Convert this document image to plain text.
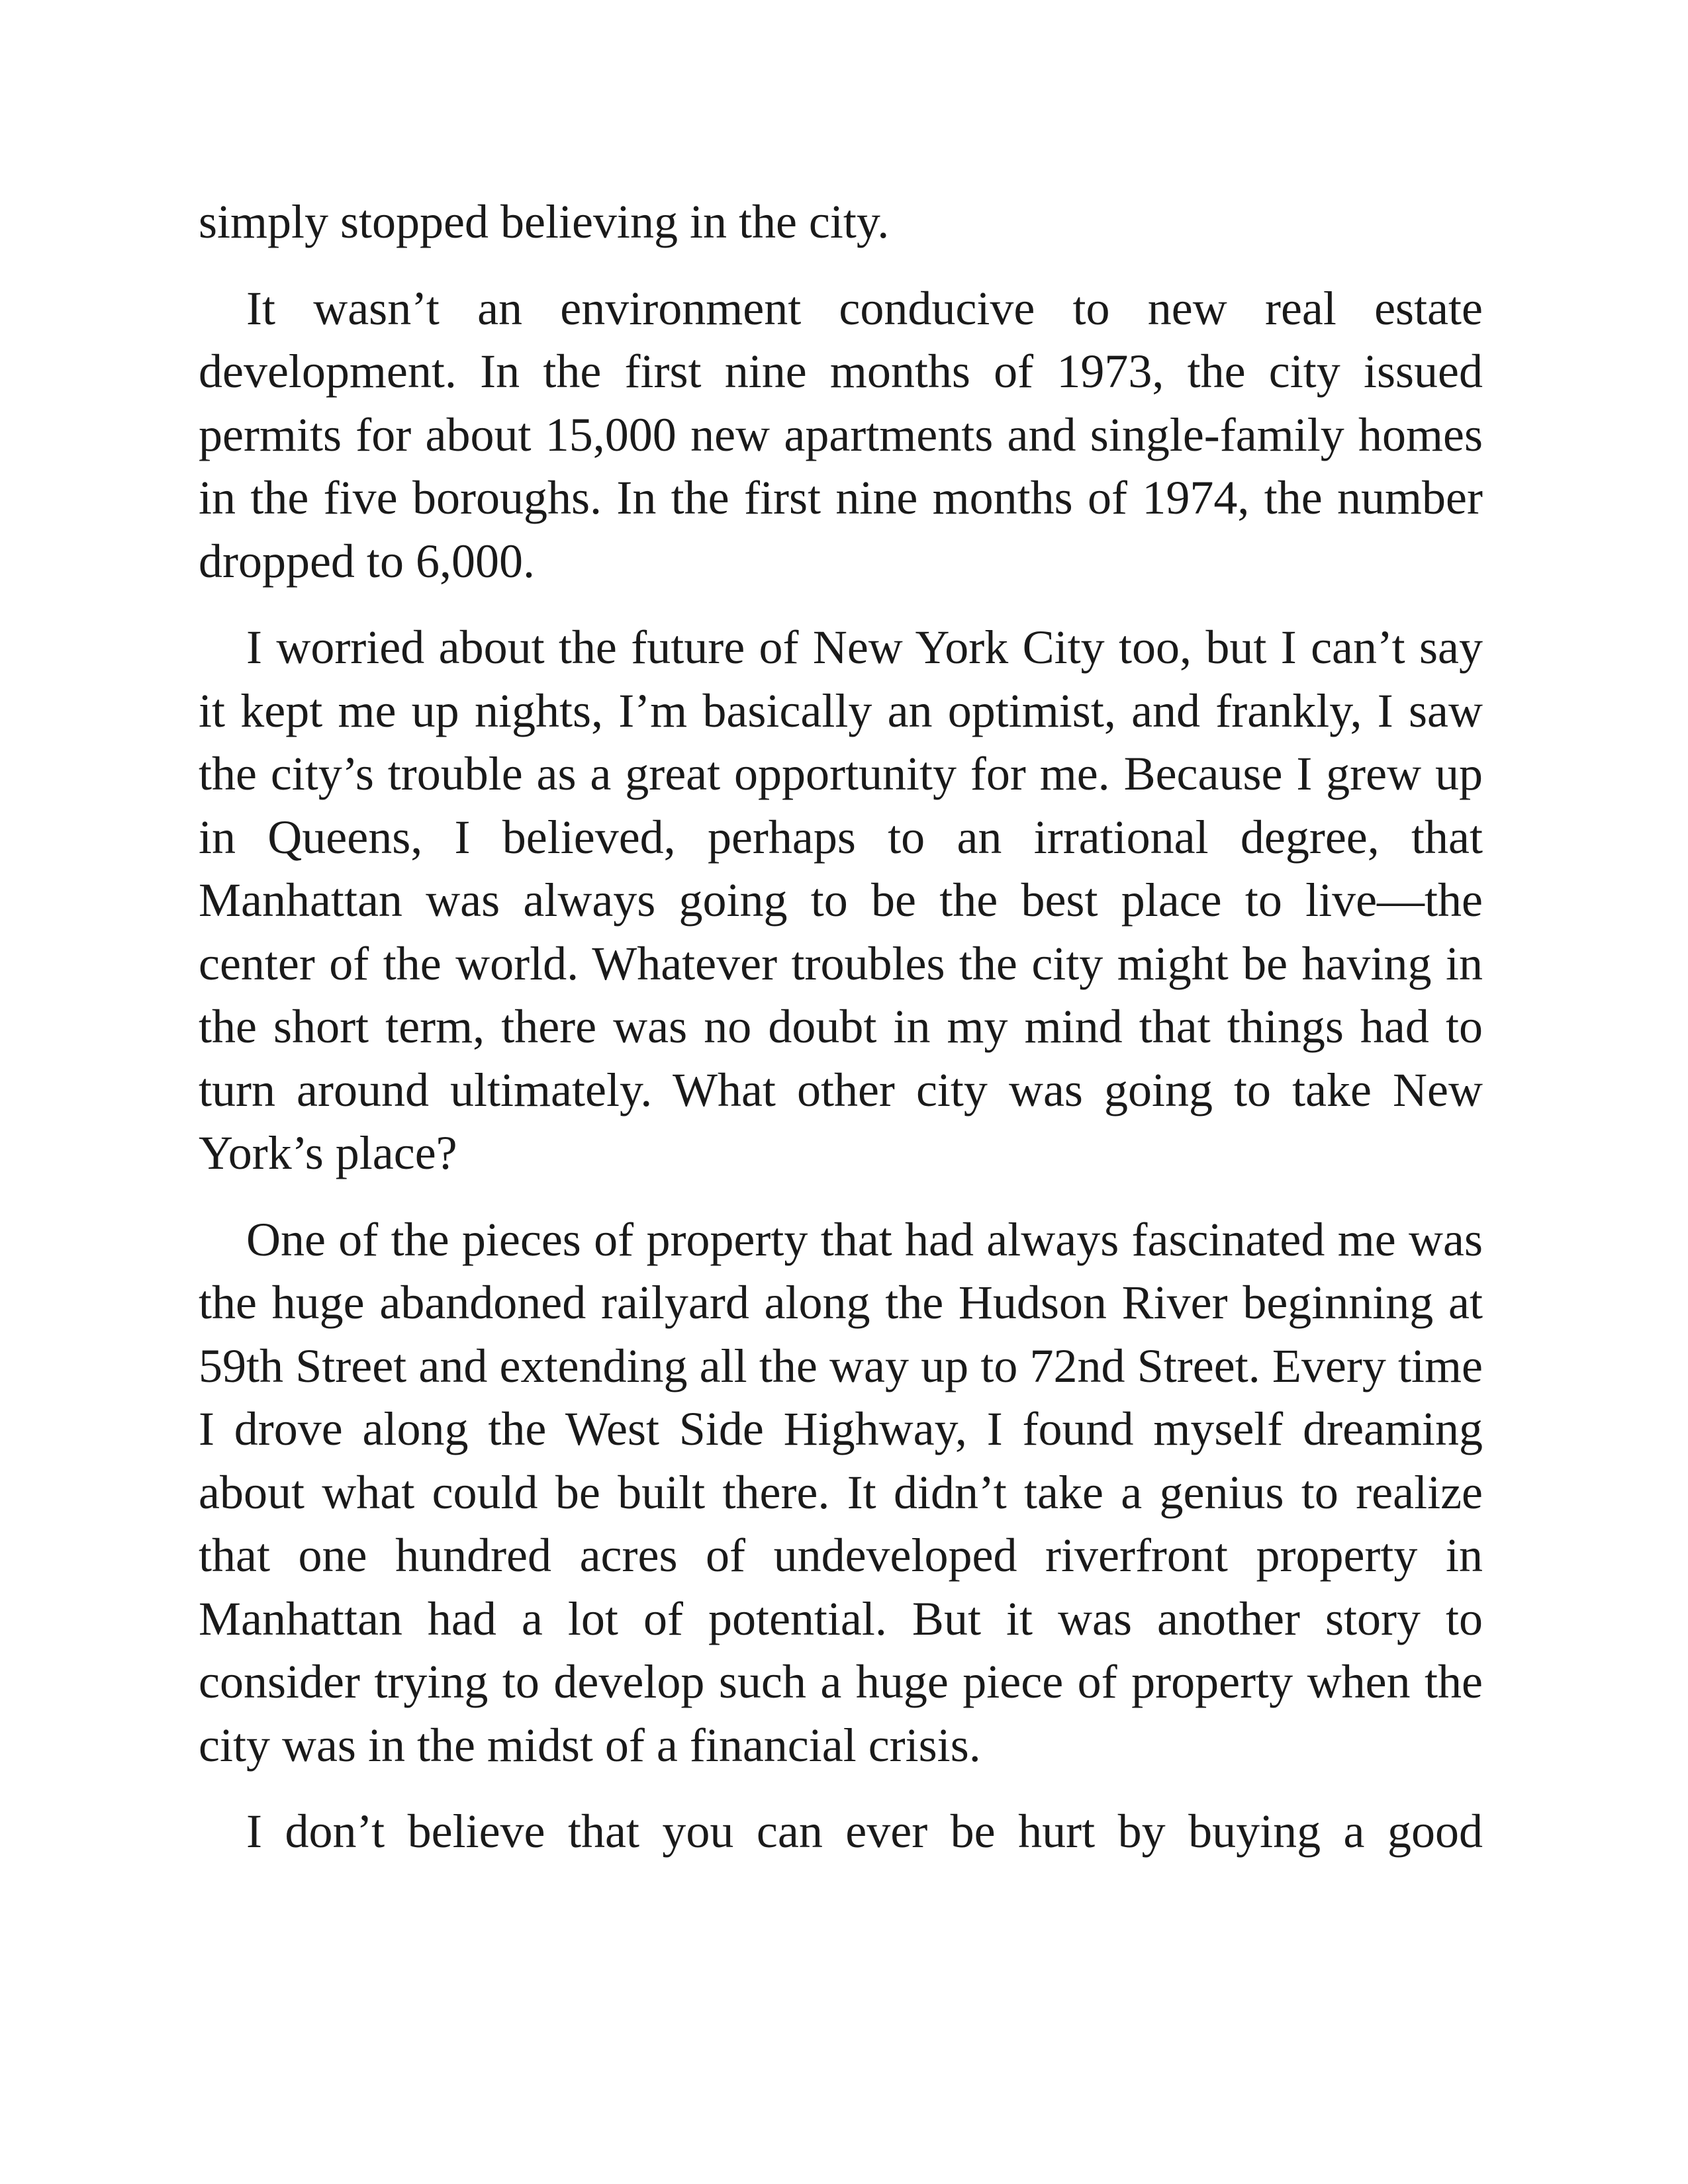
simply stopped believing in the city.

It wasn’t an environment conducive to new real estate development. In the first nine months of 1973, the city issued permits for about 15,000 new apartments and single-family homes in the five boroughs. In the first nine months of 1974, the number dropped to 6,000.

I worried about the future of New York City too, but I can’t say it kept me up nights, I’m basically an optimist, and frankly, I saw the city’s trouble as a great opportunity for me. Because I grew up in Queens, I believed, perhaps to an irrational degree, that Manhattan was always going to be the best place to live—the center of the world. Whatever troubles the city might be having in the short term, there was no doubt in my mind that things had to turn around ultimately. What other city was going to take New York’s place?

One of the pieces of property that had always fascinated me was the huge abandoned railyard along the Hudson River beginning at 59th Street and extending all the way up to 72nd Street. Every time I drove along the West Side Highway, I found myself dreaming about what could be built there. It didn’t take a genius to realize that one hundred acres of undeveloped riverfront property in Manhattan had a lot of potential. But it was another story to consider trying to develop such a huge piece of property when the city was in the midst of a financial crisis.

I don’t believe that you can ever be hurt by buying a good
